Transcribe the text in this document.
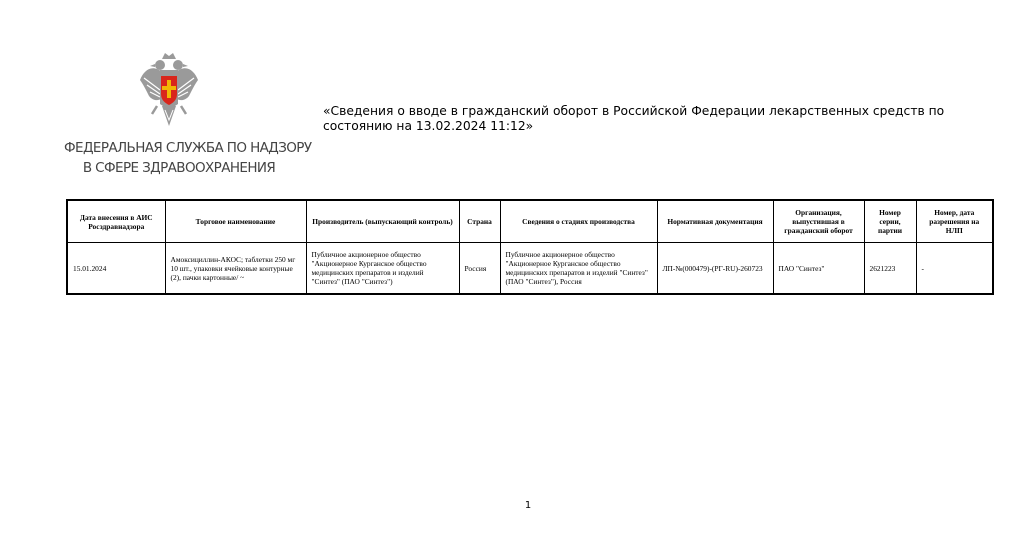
ФЕДЕРАЛЬНАЯ СЛУЖБА ПО НАДЗОРУ
В СФЕРЕ ЗДРАВООХРАНЕНИЯ
«Сведения о вводе в гражданский оборот в Российской Федерации лекарственных средств по состоянию на 13.02.2024 11:12»
Дата внесения в АИС Росздравнадзора	Торговое наименование	Производитель (выпускающий контроль)	Страна	Сведения о стадиях производства	Нормативная документация	Организация, выпустившая в гражданский оборот	Номер серии, партии	Номер, дата разрешения на НЛП
15.01.2024	Амоксициллин-АКОС; таблетки 250 мг 10 шт., упаковки ячейковые контурные (2), пачки картонные/ ~	Публичное акционерное общество "Акционерное Курганское общество медицинских препаратов и изделий "Синтез" (ПАО "Синтез")	Россия	Публичное акционерное общество "Акционерное Курганское общество медицинских препаратов и изделий "Синтез" (ПАО "Синтез"), Россия	ЛП-№(000479)-(РГ-RU)-260723	ПАО "Синтез"	2621223	-
1
